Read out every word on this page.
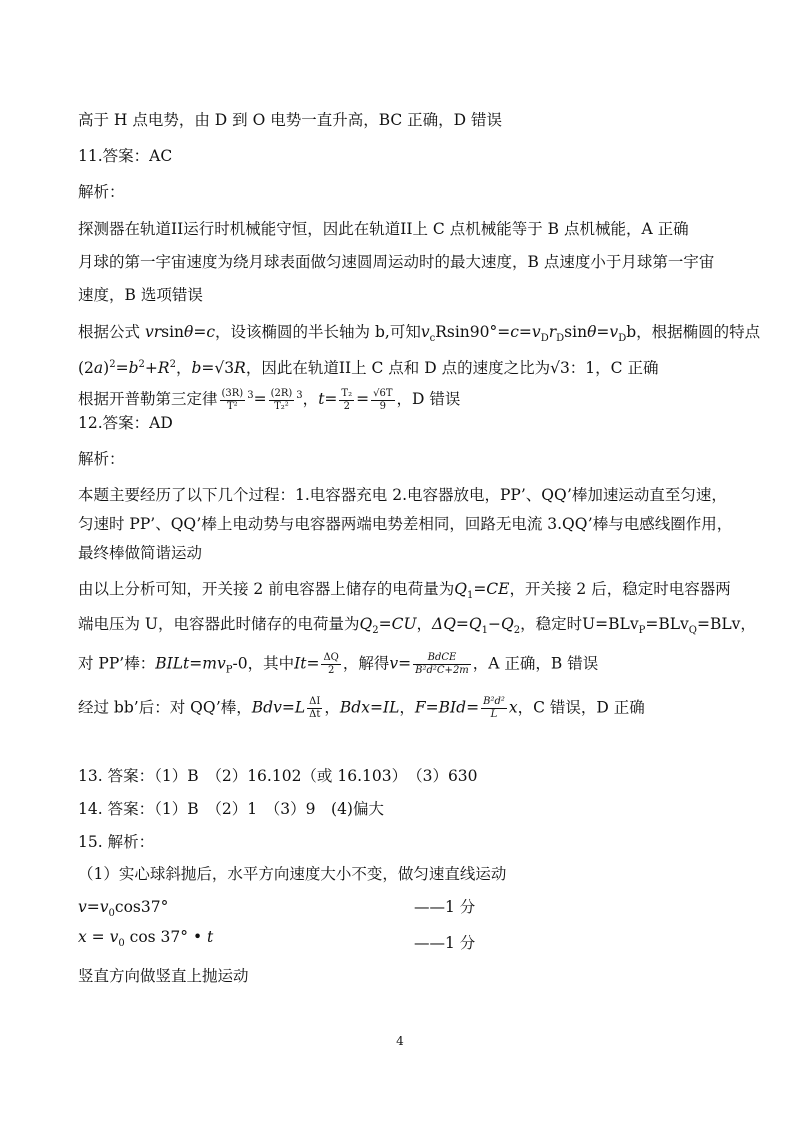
高于 H 点电势，由 D 到 O 电势一直升高，BC 正确，D 错误
11.答案：AC
解析：
探测器在轨道II运行时机械能守恒，因此在轨道II上 C 点机械能等于 B 点机械能，A 正确
月球的第一宇宙速度为绕月球表面做匀速圆周运动时的最大速度，B 点速度小于月球第一宇宙
速度，B 选项错误
根据公式 vrsinθ=c，设该椭圆的半长轴为 b,可知$v_cRsin90^\circ=c=v_Dr_D\sin\theta=v_Db$，根据椭圆的特点
$(2a)^2=b^2+R^2$，b=√3R，因此在轨道II上 C 点和 D 点的速度之比为√3：1，C 正确
根据开普勒第三定律 $\frac{(3R)}{\text{T²}} ^3= \frac{(2R)}{\text{T₂²}} ^3$，$t= \frac{\text{T₂}}{2} = \frac{√6T}{9}$ ，D 错误
12.答案：AD
解析：
本题主要经历了以下几个过程：1.电容器充电 2.电容器放电，PP’、QQ’棒加速运动直至匀速，
匀速时 PP’、QQ’棒上电动势与电容器两端电势差相同，回路无电流 3.QQ’棒与电感线圈作用，
最终棒做简谐运动
由以上分析可知，开关接 2 前电容器上储存的电荷量为$Q_1=CE$，开关接 2 后，稳定时电容器两
端电压为 U，电容器此时储存的电荷量为$Q_2=CU$，$\Delta Q=Q_1-Q_2$，稳定时U=BLv$_P$=BLv$_Q$=BLv，
对 PP’棒：$BILt=mv_P-0$，其中$It= \frac{\Delta Q}{2}$ ，解得$v= \frac{\text{BdCE}}{\text{B²d²C+2m}}$ ，A 正确，B 错误
经过 bb’后：对 QQ’棒，$Bdv=L \frac{\Delta I}{\Delta t}$ ，Bdx=IL，$F=BId= \frac{\text{B²d²}}{L}$ x，C 错误，D 正确
13. 答案：（1）B　（2）16.102（或 16.103）　（3）630
14. 答案：（1）B　（2）1　（3）9　(4)偏大
15. 解析：
（1）实心球斜抛后，水平方向速度大小不变，做匀速直线运动
$v=v_0\cos 37^\circ$	——1 分
$x = v_0$ cos 37° • t	——1 分
竖直方向做竖直上抛运动
4
